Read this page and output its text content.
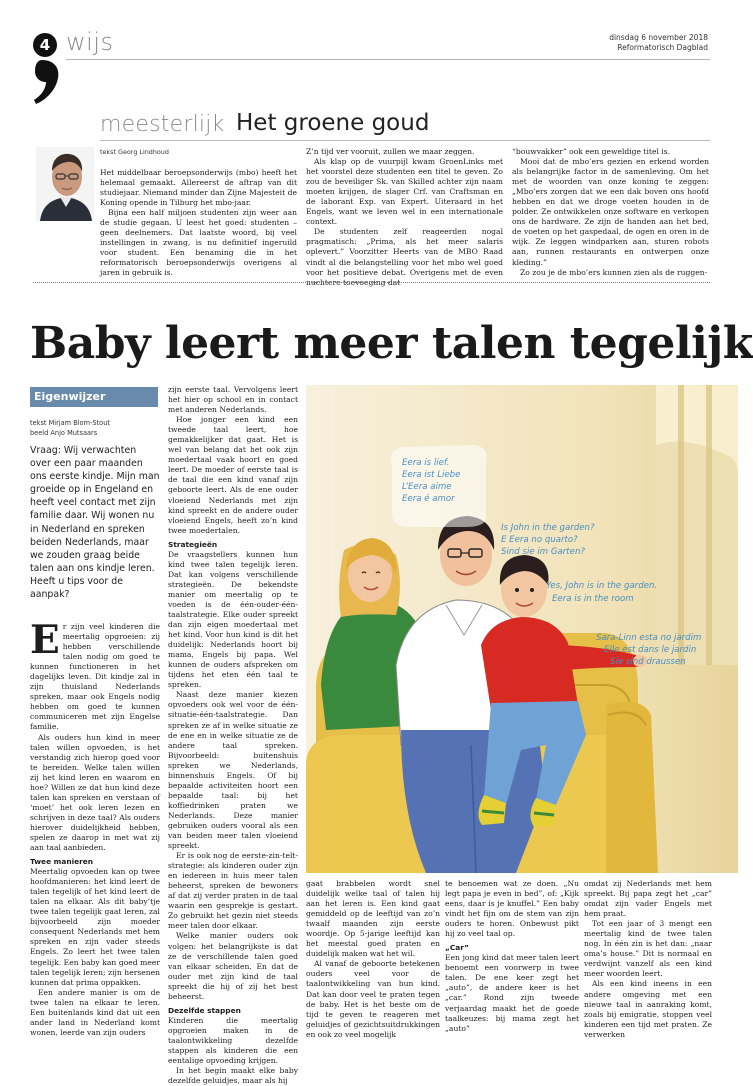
4 wijs	dinsdag 6 november 2018
Reformatorisch Dagblad
meesterlijk Het groene goud
tekst Georg Lindhoud

Het middelbaar beroepsonderwijs (mbo) heeft het helemaal gemaakt. Allereerst de aftrap van dit studiejaar. Niemand minder dan Zijne Majesteit de Koning opende in Tilburg het mbo-jaar.

Bijna een half miljoen studenten zijn weer aan de studie gegaan. U leest het goed: studenten – geen deelnemers. Dat laatste woord, bij veel instellingen in zwang, is nu definitief ingeruild voor student. Een benaming die in het reformatorisch beroepsonderwijs overigens al jaren in gebruik is.

Z’n tijd ver vooruit, zullen we maar zeggen.

Als klap op de vuurpijl kwam GroenLinks met het voorstel deze studenten een titel te geven. Zo zou de beveiliger Sk. van Skilled achter zijn naam moeten krijgen, de slager Crf. van Craftsman en de laborant Exp. van Expert. Uiteraard in het Engels, want we leven wel in een internationale context.

De studenten zelf reageerden nogal pragmatisch: „Prima, als het meer salaris oplevert.” Voorzitter Heerts van de MBO Raad vindt al die belangstelling voor het mbo wel goed voor het positieve debat. Overigens met de even nuchtere toevoeging dat

“bouwvakker” ook een geweldige titel is.

Mooi dat de mbo’ers gezien en erkend worden als belangrijke factor in de samenleving. Om het met de woorden van onze koning te zeggen: „Mbo’ers zorgen dat we een dak boven ons hoofd hebben en dat we droge voeten houden in de polder. Ze ontwikkelen onze software en verkopen ons de hardware. Ze zijn de handen aan het bed, de voeten op het gaspedaal, de ogen en oren in de wijk. Ze leggen windparken aan, sturen robots aan, runnen restaurants en ontwerpen onze kleding.”

Zo zou je de mbo’ers kunnen zien als de ruggen-

Baby leert meer talen tegelijk
Eigenwijzer
tekst Mirjam Blom-Stout
beeld Anjo Mutsaars
Vraag: Wij verwachten over een paar maanden ons eerste kindje. Mijn man groeide op in Engeland en heeft veel contact met zijn familie daar. Wij wonen nu in Nederland en spreken beiden Nederlands, maar we zouden graag beide talen aan ons kindje leren. Heeft u tips voor de aanpak?
E r zijn veel kinderen die meertalig opgroeien: zij hebben verschillende talen nodig om goed te kunnen functioneren in het dagelijks leven. Dit kindje zal in zijn thuisland Nederlands spreken, maar ook Engels nodig hebben om goed te kunnen communiceren met zijn Engelse familie.

Als ouders hun kind in meer talen willen opvoeden, is het verstandig zich hierop goed voor te bereiden. Welke talen willen zij het kind leren en waarom en hoe? Willen ze dat hun kind deze talen kan spreken en verstaan of ‘moet’ het ook leren lezen en schrijven in deze taal? Als ouders hierover duidelijkheid hebben, spelen ze daarop in met wat zij aan taal aanbieden.

Twee manieren

Meertalig opvoeden kan op twee hoofdmanieren: het kind leert de talen tegelijk of het kind leert de talen na elkaar. Als dit baby’tje twee talen tegelijk gaat leren, zal bijvoorbeeld zijn moeder consequent Nederlands met hem spreken en zijn vader steeds Engels. Zo leert het twee talen tegelijk. Een baby kan goed meer talen tegelijk leren; zijn hersenen kunnen dat prima oppakken.

Een andere manier is om de twee talen na elkaar te leren. Een buitenlands kind dat uit een ander land in Nederland komt wonen, leerde van zijn ouders

zijn eerste taal. Vervolgens leert het hier op school en in contact met anderen Nederlands.

Hoe jonger een kind een tweede taal leert, hoe gemakkelijker dat gaat. Het is wel van belang dat het ook zijn moedertaal vaak hoort en goed leert. De moeder of eerste taal is de taal die een kind vanaf zijn geboorte leert. Als de ene ouder vloeiend Nederlands met zijn kind spreekt en de andere ouder vloeiend Engels, heeft zo’n kind twee moedertalen.

Strategieën

De vraagstellers kunnen hun kind twee talen tegelijk leren. Dat kan volgens verschillende strategieën. De bekendste manier om meertalig op te voeden is de één-ouder-één-taalstrategie. Elke ouder spreekt dan zijn eigen moedertaal met het kind. Voor hun kind is dit het duidelijk: Nederlands hoort bij mama, Engels bij papa. Wel kunnen de ouders afspreken om tijdens het eten één taal te spreken.

Naast deze manier kiezen opvoeders ook wel voor de één-situatie-één-taalstrategie. Dan spreken ze af in welke situatie ze de ene en in welke situatie ze de andere taal spreken. Bijvoorbeeld: buitenshuis spreken we Nederlands, binnenshuis Engels. Of bij bepaalde activiteiten hoort een bepaalde taal: bij het koffiedrinken praten we Nederlands. Deze manier gebruiken ouders vooral als een van beiden meer talen vloeiend spreekt.

Er is ook nog de eerste-zin-telt-strategie: als kinderen ouder zijn en iedereen in huis meer talen beheerst, spreken de bewoners af dat zij verder praten in de taal waarin een gesprekje is gestart. Zo gebruikt het gezin niet steeds meer talen door elkaar.

Welke manier ouders ook volgen: het belangrijkste is dat ze de verschillende talen goed van elkaar scheiden. En dat de ouder met zijn kind de taal spreekt die hij of zij het best beheerst.

Dezelfde stappen

Kinderen die meertalig opgroeien maken in de taalontwikkeling dezelfde stappen als kinderen die een eentalige opvoeding krijgen.

In het begin maakt elke baby dezelfde geluidjes, maar als hij

Eera is lief.
Eera ist Liebe
L’Eera aime
Eera é amor
Is John in the garden?
E Eera no quarto?
Sind sie im Garten?
Yes, John is in the garden.
Eera is in the room
Sara-Linn esta no jardim
Elle est dans le jardin
Sie sind draussen

gaat brabbelen wordt snel duidelijk welke taal of talen hij aan het leren is. Een kind gaat gemiddeld op de leeftijd van zo’n twaalf maanden zijn eerste woordje. Op 5-jarige leeftijd kan het meestal goed praten en duidelijk maken wat het wil.

Al vanaf de geboorte betekenen ouders veel voor de taalontwikkeling van hun kind. Dat kan door veel te praten tegen de baby. Het is het beste om de tijd te geven te reageren met geluidjes of gezichtsuitdrukkingen en ook zo veel mogelijk

te benoemen wat ze doen. „Nu legt papa je even in bed”, of: „Kijk eens, daar is je knuffel.” Een baby vindt het fijn om de stem van zijn ouders te horen. Onbewust pikt hij zo veel taal op.

„Car”

Een jong kind dat meer talen leert benoemt een voorwerp in twee talen. De ene keer zegt het „auto”, de andere keer is het „car.” Rond zijn tweede verjaardag maakt het de goede taalkeuzes: bij mama zegt het „auto”

omdat zij Nederlands met hem spreekt. Bij papa zegt het „car” omdat zijn vader Engels met hem praat.

Tot een jaar of 3 mengt een meertalig kind de twee talen nog. In één zin is het dan: „naar oma’s house.” Dit is normaal en verdwijnt vanzelf als een kind meer woorden leert.

Als een kind ineens in een andere omgeving met een nieuwe taal in aanraking komt, zoals bij emigratie, stoppen veel kinderen een tijd met praten. Ze verwerken
